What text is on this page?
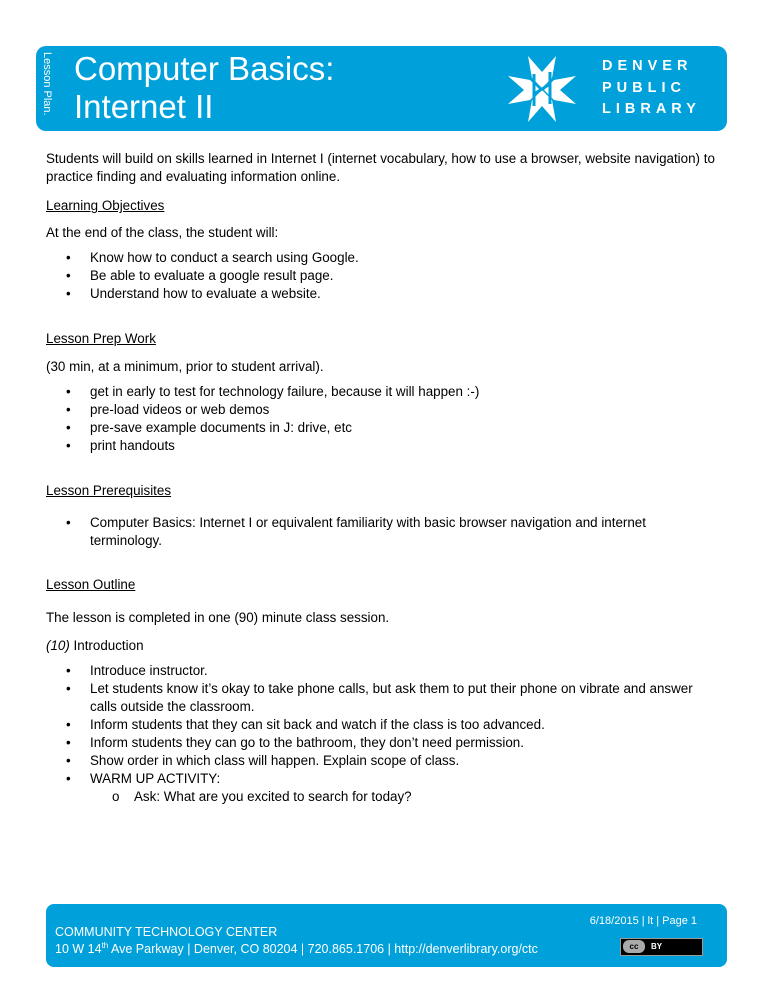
Lesson Plan. Computer Basics:
Internet II
DENVER
PUBLIC
LIBRARY
Students will build on skills learned in Internet I (internet vocabulary, how to use a browser, website navigation) to practice finding and evaluating information online.
Learning Objectives
At the end of the class, the student will:
• Know how to conduct a search using Google.
• Be able to evaluate a google result page.
• Understand how to evaluate a website.
Lesson Prep Work
(30 min, at a minimum, prior to student arrival).
• get in early to test for technology failure, because it will happen :-)
• pre-load videos or web demos
• pre-save example documents in J: drive, etc
• print handouts
Lesson Prerequisites
• Computer Basics: Internet I or equivalent familiarity with basic browser navigation and internet terminology.
Lesson Outline
The lesson is completed in one (90) minute class session.
(10) Introduction
• Introduce instructor.
• Let students know it’s okay to take phone calls, but ask them to put their phone on vibrate and answer calls outside the classroom.
• Inform students that they can sit back and watch if the class is too advanced.
• Inform students they can go to the bathroom, they don’t need permission.
• Show order in which class will happen. Explain scope of class.
• WARM UP ACTIVITY:
o Ask: What are you excited to search for today?
COMMUNITY TECHNOLOGY CENTER
10 W 14th Ave Parkway | Denver, CO 80204 | 720.865.1706 | http://denverlibrary.org/ctc
6/18/2015 | lt | Page 1
cc	BY
